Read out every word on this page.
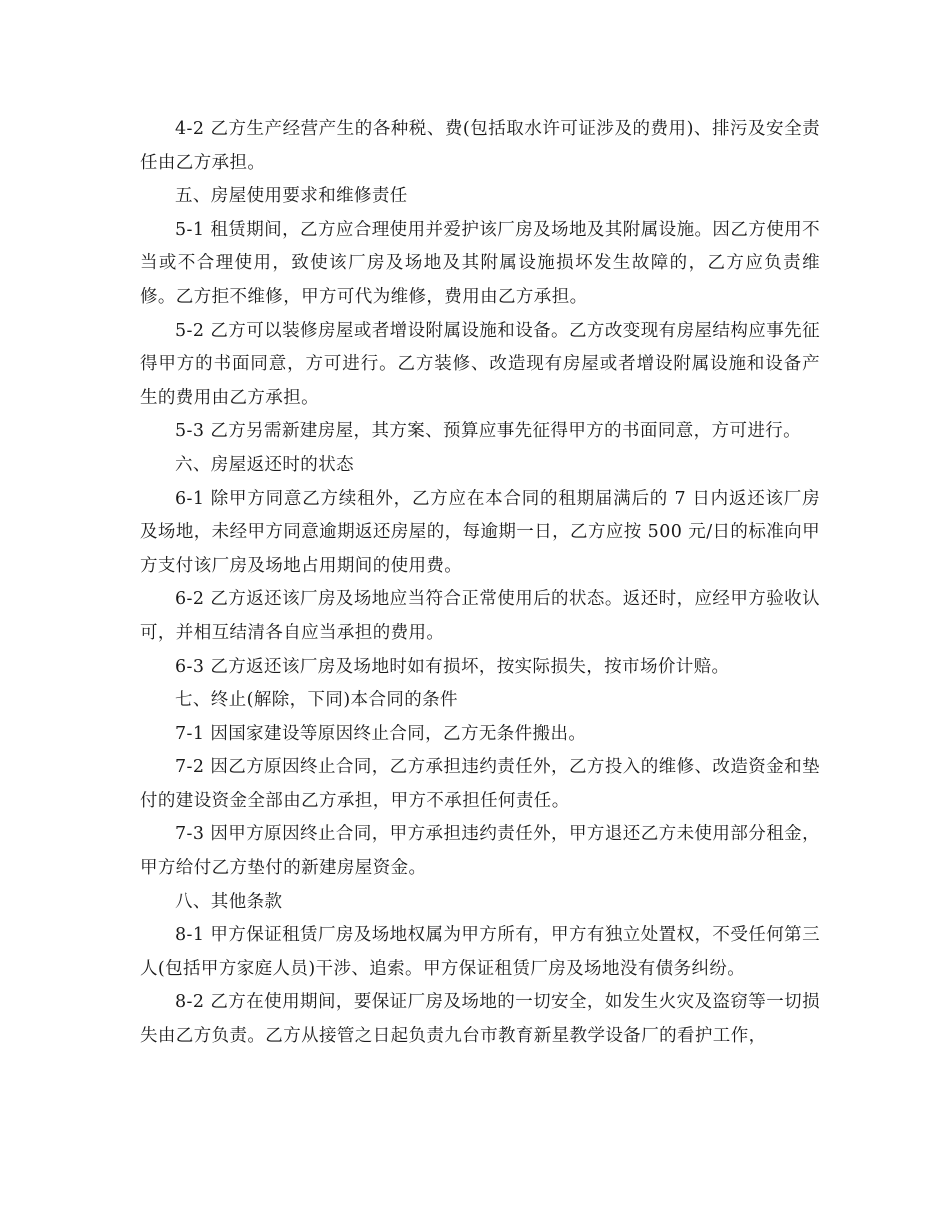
4-2 乙方生产经营产生的各种税、费(包括取水许可证涉及的费用)、排污及安全责任由乙方承担。

五、房屋使用要求和维修责任

5-1 租赁期间，乙方应合理使用并爱护该厂房及场地及其附属设施。因乙方使用不当或不合理使用，致使该厂房及场地及其附属设施损坏发生故障的，乙方应负责维修。乙方拒不维修，甲方可代为维修，费用由乙方承担。

5-2 乙方可以装修房屋或者增设附属设施和设备。乙方改变现有房屋结构应事先征得甲方的书面同意，方可进行。乙方装修、改造现有房屋或者增设附属设施和设备产生的费用由乙方承担。

5-3 乙方另需新建房屋，其方案、预算应事先征得甲方的书面同意，方可进行。

六、房屋返还时的状态

6-1 除甲方同意乙方续租外，乙方应在本合同的租期届满后的 7 日内返还该厂房及场地，未经甲方同意逾期返还房屋的，每逾期一日，乙方应按 500 元/日的标准向甲方支付该厂房及场地占用期间的使用费。

6-2 乙方返还该厂房及场地应当符合正常使用后的状态。返还时，应经甲方验收认可，并相互结清各自应当承担的费用。

6-3 乙方返还该厂房及场地时如有损坏，按实际损失，按市场价计赔。

七、终止(解除，下同)本合同的条件

7-1 因国家建设等原因终止合同，乙方无条件搬出。

7-2 因乙方原因终止合同，乙方承担违约责任外，乙方投入的维修、改造资金和垫付的建设资金全部由乙方承担，甲方不承担任何责任。

7-3 因甲方原因终止合同，甲方承担违约责任外，甲方退还乙方未使用部分租金，甲方给付乙方垫付的新建房屋资金。

八、其他条款

8-1 甲方保证租赁厂房及场地权属为甲方所有，甲方有独立处置权，不受任何第三人(包括甲方家庭人员)干涉、追索。甲方保证租赁厂房及场地没有债务纠纷。

8-2 乙方在使用期间，要保证厂房及场地的一切安全，如发生火灾及盗窃等一切损失由乙方负责。乙方从接管之日起负责九台市教育新星教学设备厂的看护工作，
